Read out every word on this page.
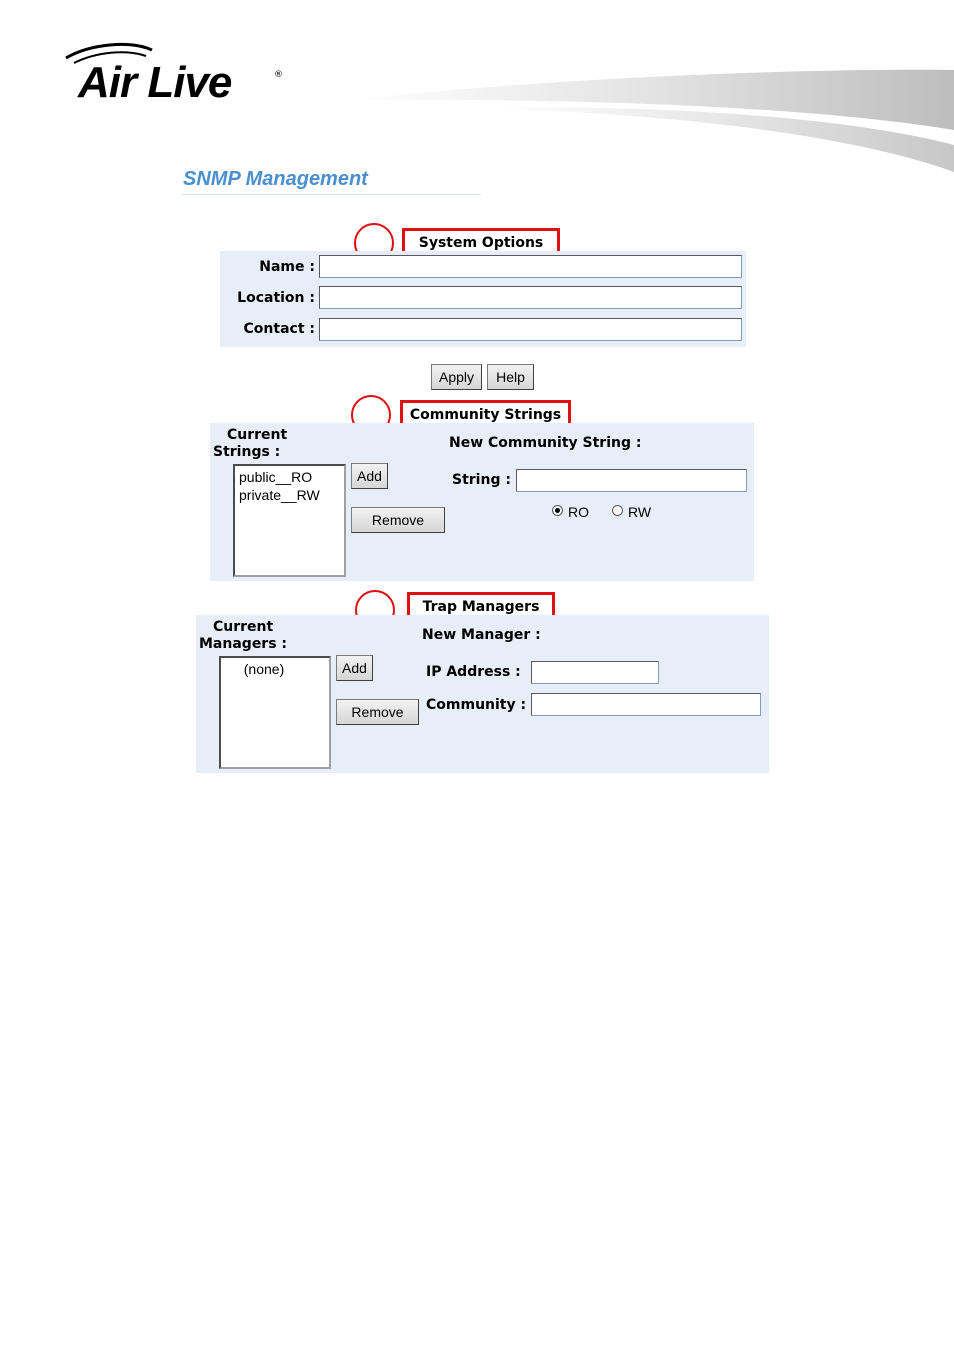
Air Live	®
SNMP Management
System Options
Name :
Location :
Contact :
Apply	Help
Community Strings
Current
Strings :
public__RO
private__RW
Add
Remove
New Community String :
String :
RO	RW
Trap Managers
Current
Managers :
(none)	Add
Remove
New Manager :
IP Address :
Community :
